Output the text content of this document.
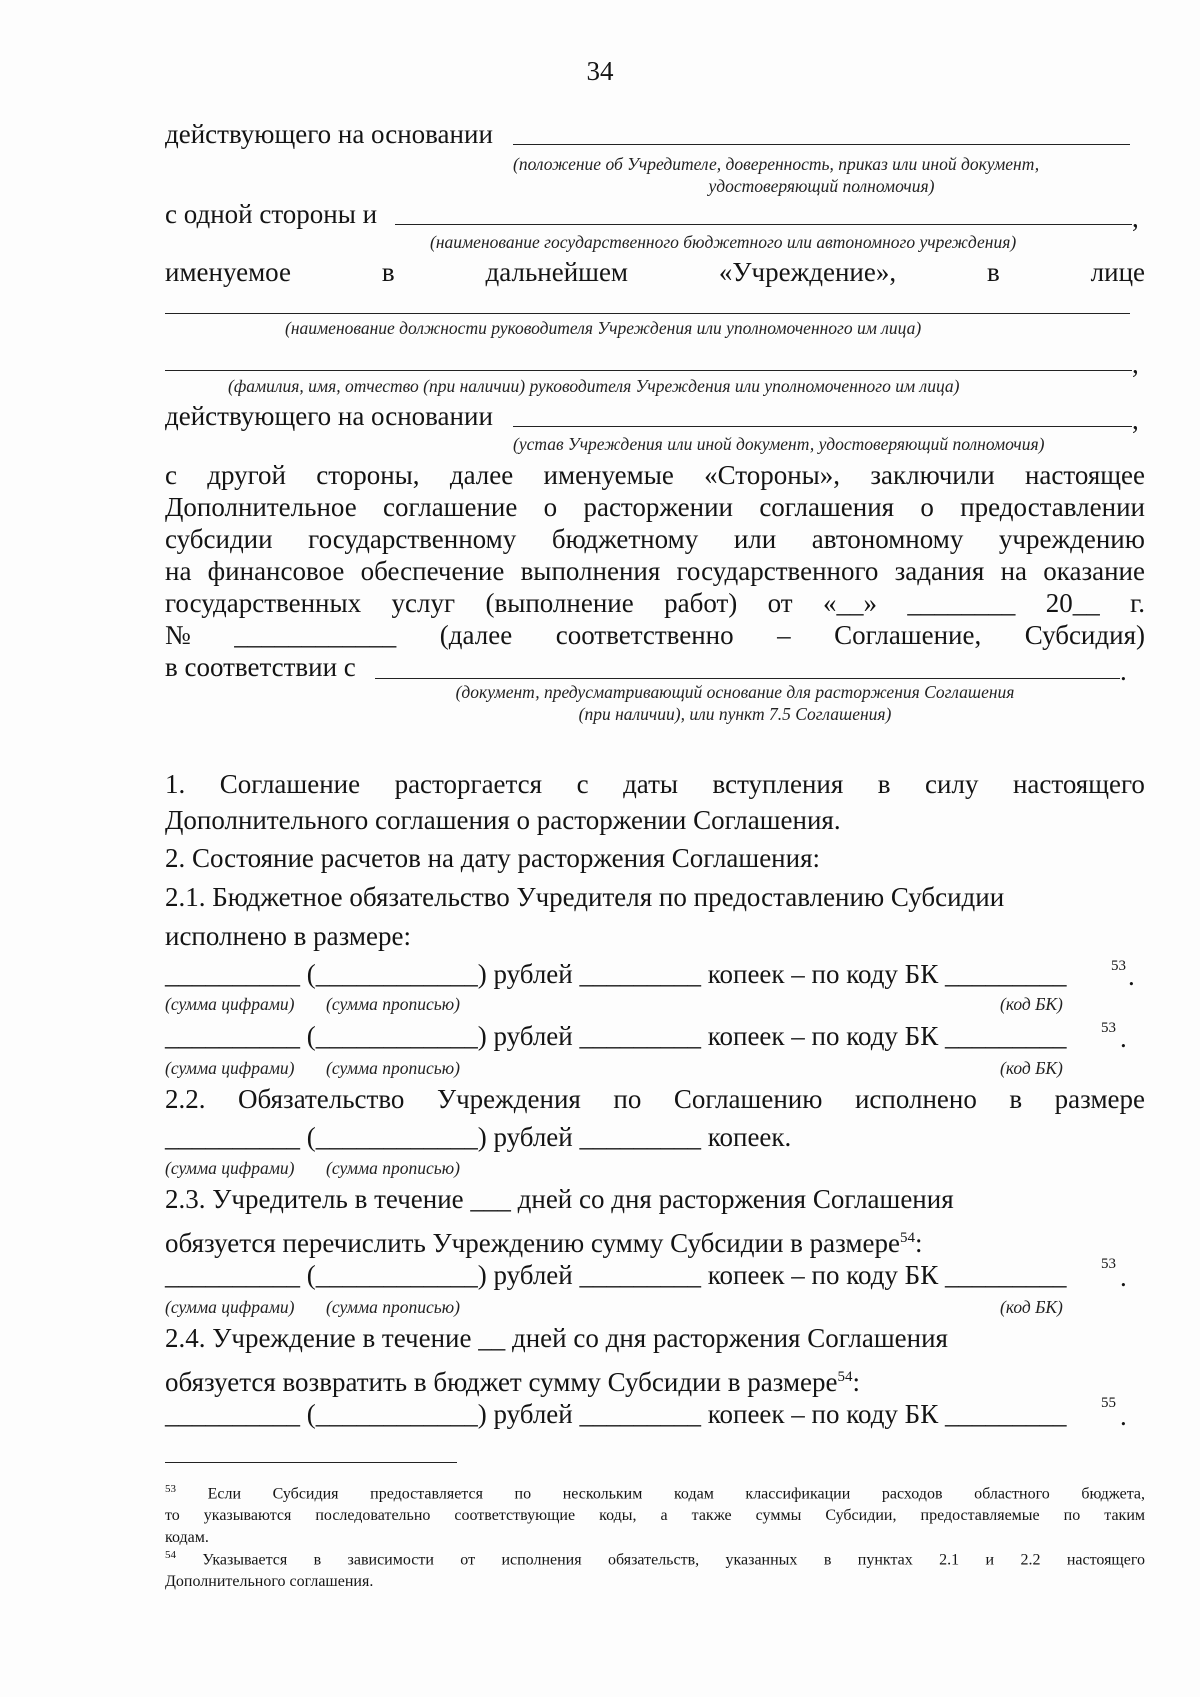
34
действующего на основании
(положение об Учредителе, доверенность, приказ или иной документ,
удостоверяющий полномочия)
с одной стороны и	,
(наименование государственного бюджетного или автономного учреждения)
именуемое	в	дальнейшем	«Учреждение»,	в	лице
(наименование должности руководителя Учреждения или уполномоченного им лица)
,
(фамилия, имя, отчество (при наличии) руководителя Учреждения или уполномоченного им лица)
действующего на основании	,
(устав Учреждения или иной документ, удостоверяющий полномочия)
с другой стороны, далее именуемые «Стороны», заключили настоящее
Дополнительное соглашение о расторжении соглашения о предоставлении
субсидии государственному бюджетному или автономному учреждению
на финансовое обеспечение выполнения государственного задания на оказание
государственных услуг (выполнение работ) от «__» ________ 20__ г.
№ ____________ (далее соответственно – Соглашение, Субсидия)
в соответствии с	.
(документ, предусматривающий основание для расторжения Соглашения
(при наличии), или пункт 7.5 Соглашения)
1. Соглашение расторгается с даты вступления в силу настоящего
Дополнительного соглашения о расторжении Соглашения.
2. Состояние расчетов на дату расторжения Соглашения:
2.1. Бюджетное обязательство Учредителя по предоставлению Субсидии
исполнено в размере:
__________ (____________) рублей _________ копеек – по коду БК _________	53 .
(сумма цифрами) (сумма прописью)	(код БК)
__________ (____________) рублей _________ копеек – по коду БК _________	53 .
(сумма цифрами) (сумма прописью)	(код БК)
2.2. Обязательство Учреждения по Соглашению исполнено в размере
__________ (____________) рублей _________ копеек.
(сумма цифрами) (сумма прописью)
2.3. Учредитель в течение ___ дней со дня расторжения Соглашения
обязуется перечислить Учреждению сумму Субсидии в размере$^{54}$:
__________ (____________) рублей _________ копеек – по коду БК _________	53 .
(сумма цифрами) (сумма прописью)	(код БК)
2.4. Учреждение в течение __ дней со дня расторжения Соглашения
обязуется возвратить в бюджет сумму Субсидии в размере$^{54}$:
__________ (____________) рублей _________ копеек – по коду БК _________	55 .

$^{53}$ Если Субсидия предоставляется по нескольким кодам классификации расходов областного бюджета,

то указываются последовательно соответствующие коды, а также суммы Субсидии, предоставляемые по таким

кодам.

$^{54}$ Указывается в зависимости от исполнения обязательств, указанных в пунктах 2.1 и 2.2 настоящего

Дополнительного соглашения.
